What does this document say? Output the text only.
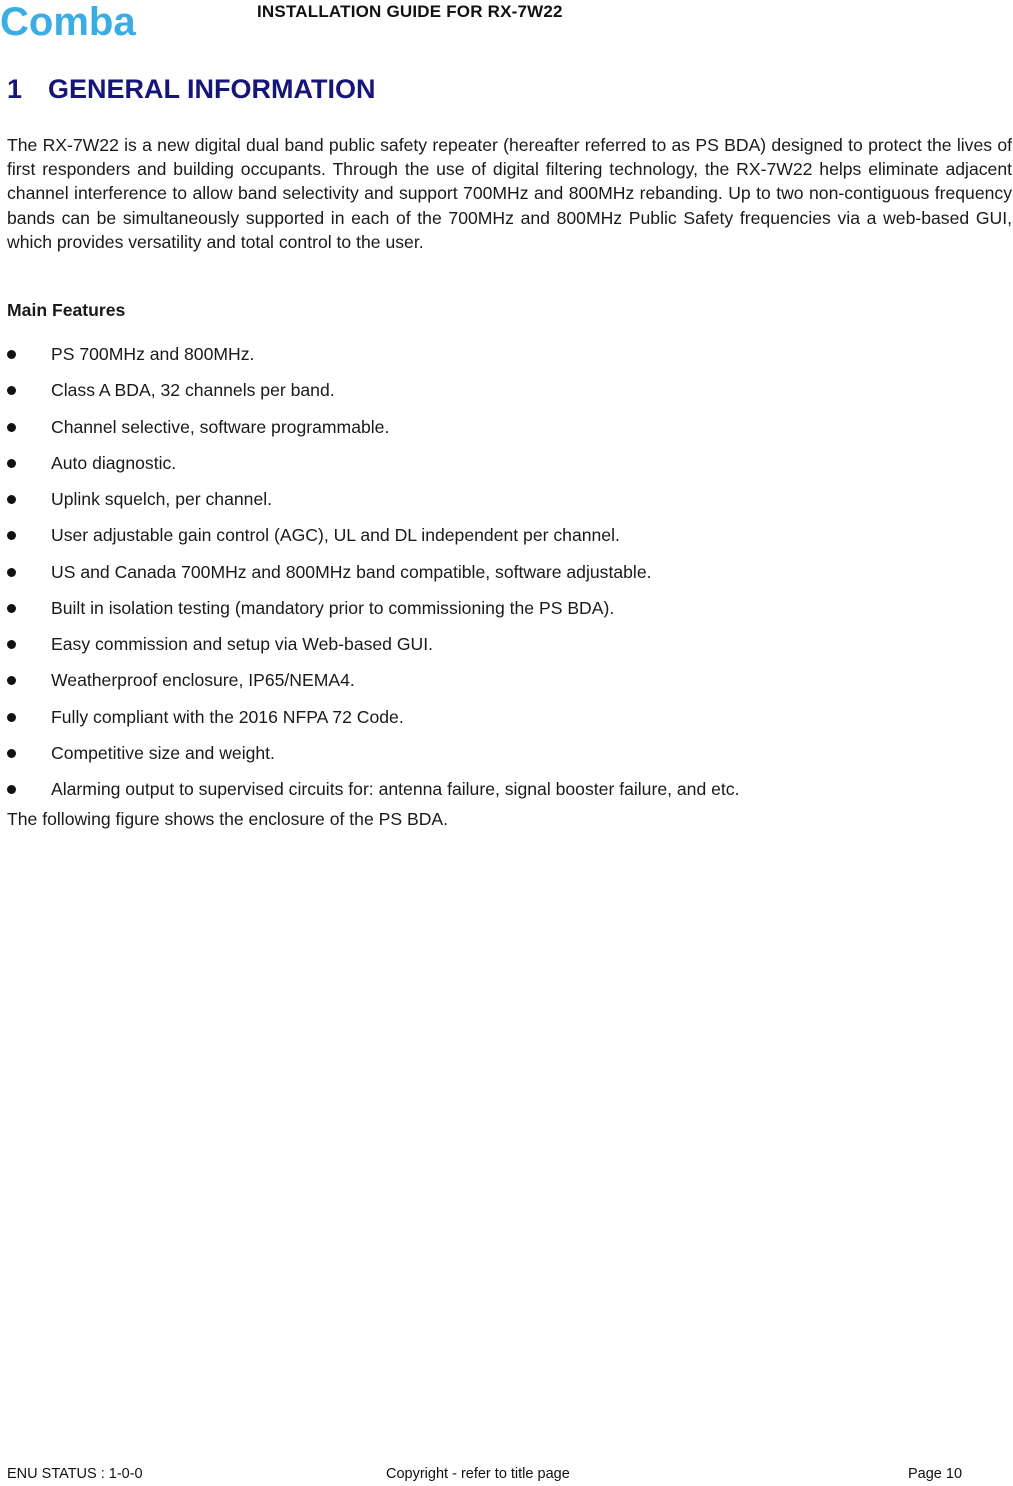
Comba	INSTALLATION GUIDE FOR RX-7W22
1 GENERAL INFORMATION

The RX-7W22 is a new digital dual band public safety repeater (hereafter referred to as PS BDA) designed to protect the lives of first responders and building occupants. Through the use of digital filtering technology, the RX-7W22 helps eliminate adjacent channel interference to allow band selectivity and support 700MHz and 800MHz rebanding. Up to two non-contiguous frequency bands can be simultaneously supported in each of the 700MHz and 800MHz Public Safety frequencies via a web-based GUI, which provides versatility and total control to the user.

Main Features

PS 700MHz and 800MHz.
Class A BDA, 32 channels per band.
Channel selective, software programmable.
Auto diagnostic.
Uplink squelch, per channel.
User adjustable gain control (AGC), UL and DL independent per channel.
US and Canada 700MHz and 800MHz band compatible, software adjustable.
Built in isolation testing (mandatory prior to commissioning the PS BDA).
Easy commission and setup via Web-based GUI.
Weatherproof enclosure, IP65/NEMA4.
Fully compliant with the 2016 NFPA 72 Code.
Competitive size and weight.
Alarming output to supervised circuits for: antenna failure, signal booster failure, and etc.

The following figure shows the enclosure of the PS BDA.

ENU STATUS : 1-0-0	Copyright - refer to title page	Page 10
